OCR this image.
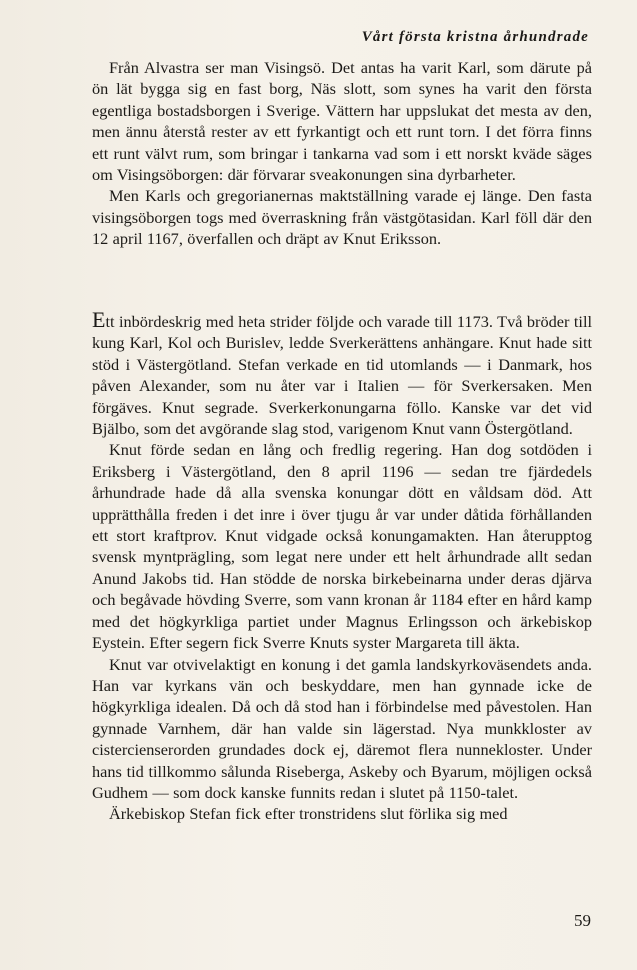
Vårt första kristna århundrade

Från Alvastra ser man Visingsö. Det antas ha varit Karl, som därute på ön lät bygga sig en fast borg, Näs slott, som synes ha varit den första egentliga bostadsborgen i Sverige. Vättern har uppslukat det mesta av den, men ännu återstå rester av ett fyrkantigt och ett runt torn. I det förra finns ett runt välvt rum, som bringar i tankarna vad som i ett norskt kväde säges om Visingsöborgen: där förvarar sveakonungen sina dyrbarheter.

Men Karls och gregorianernas maktställning varade ej länge. Den fasta visingsöborgen togs med överraskning från västgötasidan. Karl föll där den 12 april 1167, överfallen och dräpt av Knut Eriksson.

Ett inbördeskrig med heta strider följde och varade till 1173. Två bröder till kung Karl, Kol och Burislev, ledde Sverkerättens anhängare. Knut hade sitt stöd i Västergötland. Stefan verkade en tid utomlands — i Danmark, hos påven Alexander, som nu åter var i Italien — för Sverkersaken. Men förgäves. Knut segrade. Sverkerkonungarna föllo. Kanske var det vid Bjälbo, som det avgörande slag stod, varigenom Knut vann Östergötland.

Knut förde sedan en lång och fredlig regering. Han dog sotdöden i Eriksberg i Västergötland, den 8 april 1196 — sedan tre fjärdedels århundrade hade då alla svenska konungar dött en våldsam död. Att upprätthålla freden i det inre i över tjugu år var under dåtida förhållanden ett stort kraftprov. Knut vidgade också konungamakten. Han återupptog svensk myntprägling, som legat nere under ett helt århundrade allt sedan Anund Jakobs tid. Han stödde de norska birkebeinarna under deras djärva och begåvade hövding Sverre, som vann kronan år 1184 efter en hård kamp med det högkyrkliga partiet under Magnus Erlingsson och ärkebiskop Eystein. Efter segern fick Sverre Knuts syster Margareta till äkta.

Knut var otvivelaktigt en konung i det gamla landskyrkoväsendets anda. Han var kyrkans vän och beskyddare, men han gynnade icke de högkyrkliga idealen. Då och då stod han i förbindelse med påvestolen. Han gynnade Varnhem, där han valde sin lägerstad. Nya munkkloster av cistercienserorden grundades dock ej, däremot flera nunnekloster. Under hans tid tillkommo sålunda Riseberga, Askeby och Byarum, möjligen också Gudhem — som dock kanske funnits redan i slutet på 1150-talet.

Ärkebiskop Stefan fick efter tronstridens slut förlika sig med

59
